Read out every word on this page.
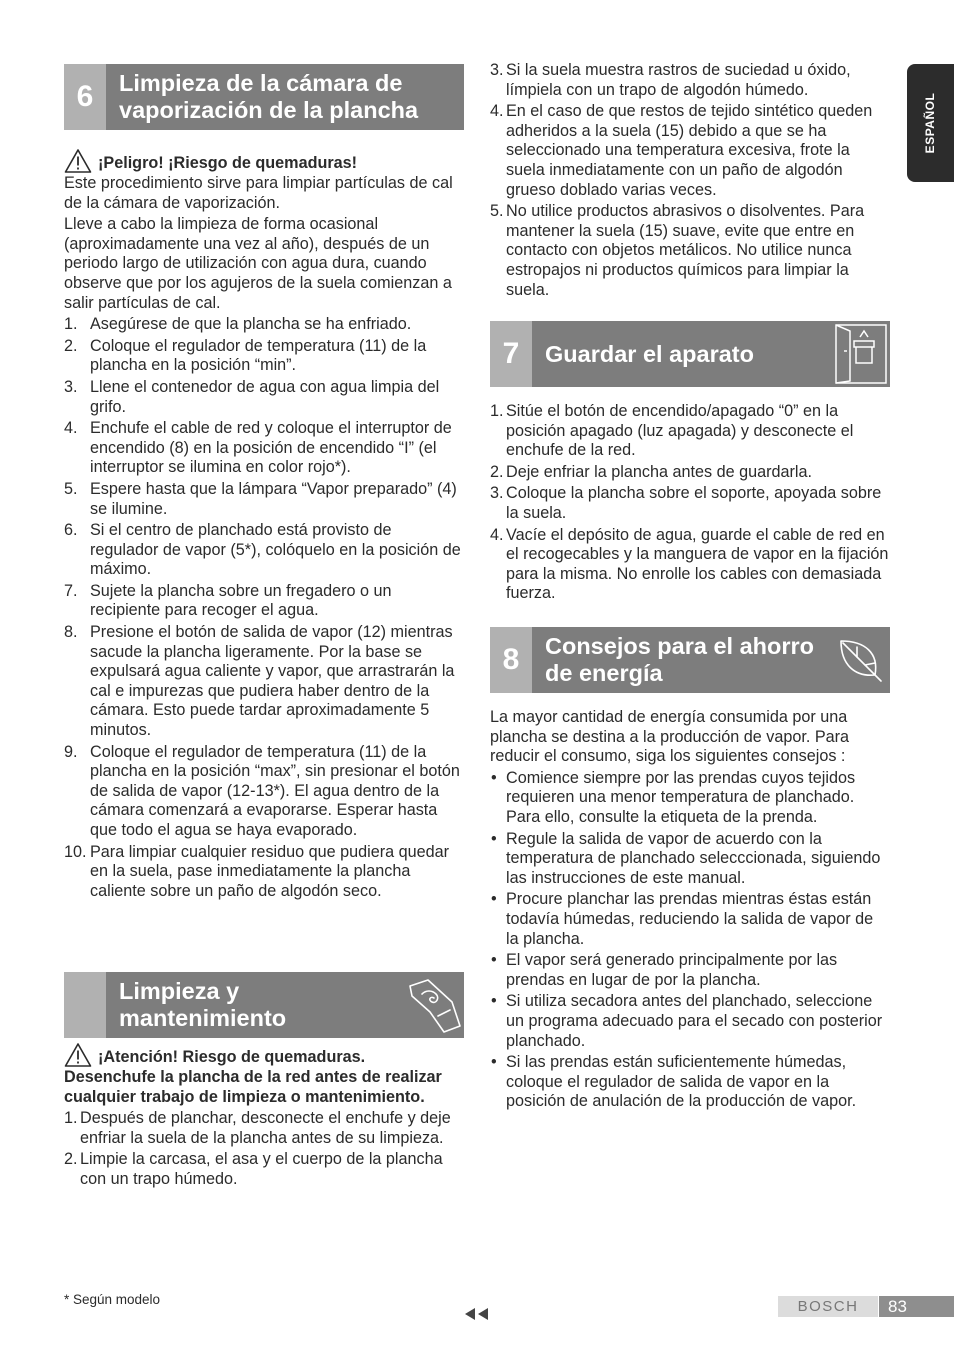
ESPAÑOL
6	Limpieza de la cámara de vaporización de la plancha
¡Peligro! ¡Riesgo de quemaduras!

Este procedimiento sirve para limpiar partículas de cal de la cámara de vaporización.

Lleve a cabo la limpieza de forma ocasional (aproximadamente una vez al año), después de un periodo largo de utilización con agua dura, cuando observe que por los agujeros de la suela comienzan a salir partículas de cal.

1. Asegúrese de que la plancha se ha enfriado.
2. Coloque el regulador de temperatura (11) de la plancha en la posición “min”.
3. Llene el contenedor de agua con agua limpia del grifo.
4. Enchufe el cable de red y coloque el interruptor de encendido (8) en la posición de encendido “I” (el interruptor se ilumina en color rojo*).
5. Espere hasta que la lámpara “Vapor preparado” (4) se ilumine.
6. Si el centro de planchado está provisto de regulador de vapor (5*), colóquelo en la posición de máximo.
7. Sujete la plancha sobre un fregadero o un recipiente para recoger el agua.
8. Presione el botón de salida de vapor (12) mientras sacude la plancha ligeramente. Por la base se expulsará agua caliente y vapor, que arrastrarán la cal e impurezas que pudiera haber dentro de la cámara. Esto puede tardar aproximadamente 5 minutos.
9. Coloque el regulador de temperatura (11) de la plancha en la posición “max”, sin presionar el botón de salida de vapor (12-13*). El agua dentro de la cámara comenzará a evaporarse. Esperar hasta que todo el agua se haya evaporado.
10. Para limpiar cualquier residuo que pudiera quedar en la suela, pase inmediatamente la plancha caliente sobre un paño de algodón seco.
Limpieza y mantenimiento
¡Atención! Riesgo de quemaduras.

Desenchufe la plancha de la red antes de realizar cualquier trabajo de limpieza o mantenimiento.

1. Después de planchar, desconecte el enchufe y deje enfriar la suela de la plancha antes de su limpieza.
2. Limpie la carcasa, el asa y el cuerpo de la plancha con un trapo húmedo.
3. Si la suela muestra rastros de suciedad u óxido, límpiela con un trapo de algodón húmedo.
4. En el caso de que restos de tejido sintético queden adheridos a la suela (15) debido a que se ha seleccionado una temperatura excesiva, frote la suela inmediatamente con un paño de algodón grueso doblado varias veces.
5. No utilice productos abrasivos o disolventes. Para mantener la suela (15) suave, evite que entre en contacto con objetos metálicos. No utilice nunca estropajos ni productos químicos para limpiar la suela.
7	Guardar el aparato
1. Sitúe el botón de encendido/apagado “0” en la posición apagado (luz apagada) y desconecte el enchufe de la red.
2. Deje enfriar la plancha antes de guardarla.
3. Coloque la plancha sobre el soporte, apoyada sobre la suela.
4. Vacíe el depósito de agua, guarde el cable de red en el recogecables y la manguera de vapor en la fijación para la misma. No enrolle los cables con demasiada fuerza.
8	Consejos para el ahorro de energía

La mayor cantidad de energía consumida por una plancha se destina a la producción de vapor. Para reducir el consumo, siga los siguientes consejos :

• Comience siempre por las prendas cuyos tejidos requieren una menor temperatura de planchado. Para ello, consulte la etiqueta de la prenda.
• Regule la salida de vapor de acuerdo con la temperatura de planchado selecccionada, siguiendo las instrucciones de este manual.
• Procure planchar las prendas mientras éstas están todavía húmedas, reduciendo la salida de vapor de la plancha.
• El vapor será generado principalmente por las prendas en lugar de por la plancha.
• Si utiliza secadora antes del planchado, seleccione un programa adecuado para el secado con posterior planchado.
• Si las prendas están suficientemente húmedas, coloque el regulador de salida de vapor en la posición de anulación de la producción de vapor.
* Según modelo	BOSCH	83
